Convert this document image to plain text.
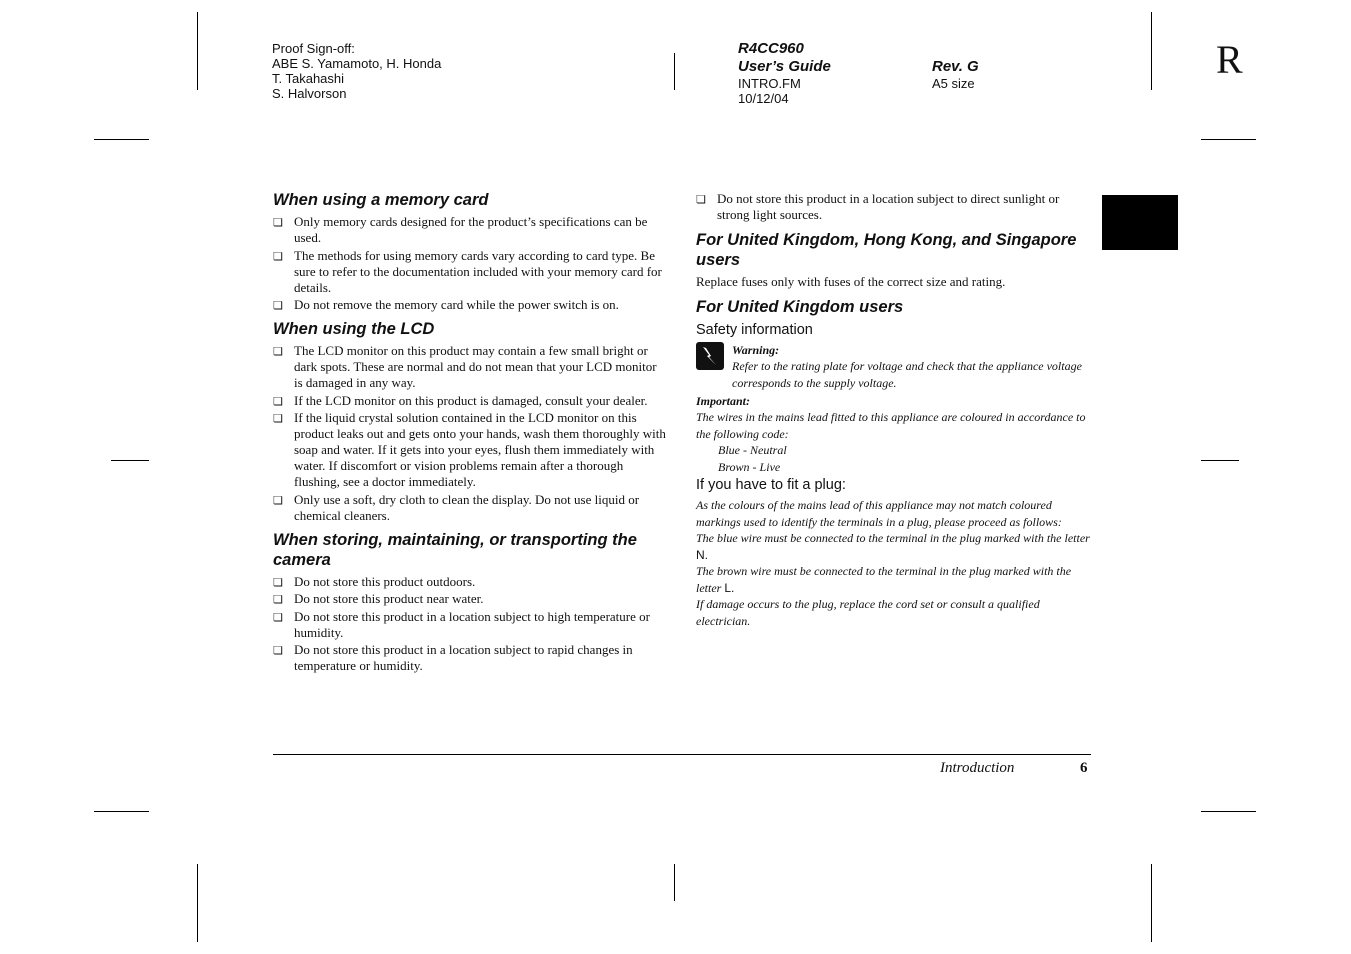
Proof Sign-off:
ABE S. Yamamoto, H. Honda
T. Takahashi
S. Halvorson
R4CC960
User’s Guide
INTRO.FM
10/12/04
Rev. G
A5 size
R
When using a memory card
❏ Only memory cards designed for the product’s specifications can be used.
❏ The methods for using memory cards vary according to card type. Be sure to refer to the documentation included with your memory card for details.
❏ Do not remove the memory card while the power switch is on.
When using the LCD
❏ The LCD monitor on this product may contain a few small bright or dark spots. These are normal and do not mean that your LCD monitor is damaged in any way.
❏ If the LCD monitor on this product is damaged, consult your dealer.
❏ If the liquid crystal solution contained in the LCD monitor on this product leaks out and gets onto your hands, wash them thoroughly with soap and water. If it gets into your eyes, flush them immediately with water. If discomfort or vision problems remain after a thorough flushing, see a doctor immediately.
❏ Only use a soft, dry cloth to clean the display. Do not use liquid or chemical cleaners.
When storing, maintaining, or transporting the camera
❏ Do not store this product outdoors.
❏ Do not store this product near water.
❏ Do not store this product in a location subject to high temperature or humidity.
❏ Do not store this product in a location subject to rapid changes in temperature or humidity.
❏ Do not store this product in a location subject to direct sunlight or strong light sources.
For United Kingdom, Hong Kong, and Singapore users

Replace fuses only with fuses of the correct size and rating.

For United Kingdom users
Safety information
Warning:
Refer to the rating plate for voltage and check that the appliance voltage corresponds to the supply voltage.
Important:
The wires in the mains lead fitted to this appliance are coloured in accordance to the following code:
Blue - Neutral
Brown - Live
If you have to fit a plug:
As the colours of the mains lead of this appliance may not match coloured markings used to identify the terminals in a plug, please proceed as follows:
The blue wire must be connected to the terminal in the plug marked with the letter N.
The brown wire must be connected to the terminal in the plug marked with the letter L.
If damage occurs to the plug, replace the cord set or consult a qualified electrician.
Introduction	6
